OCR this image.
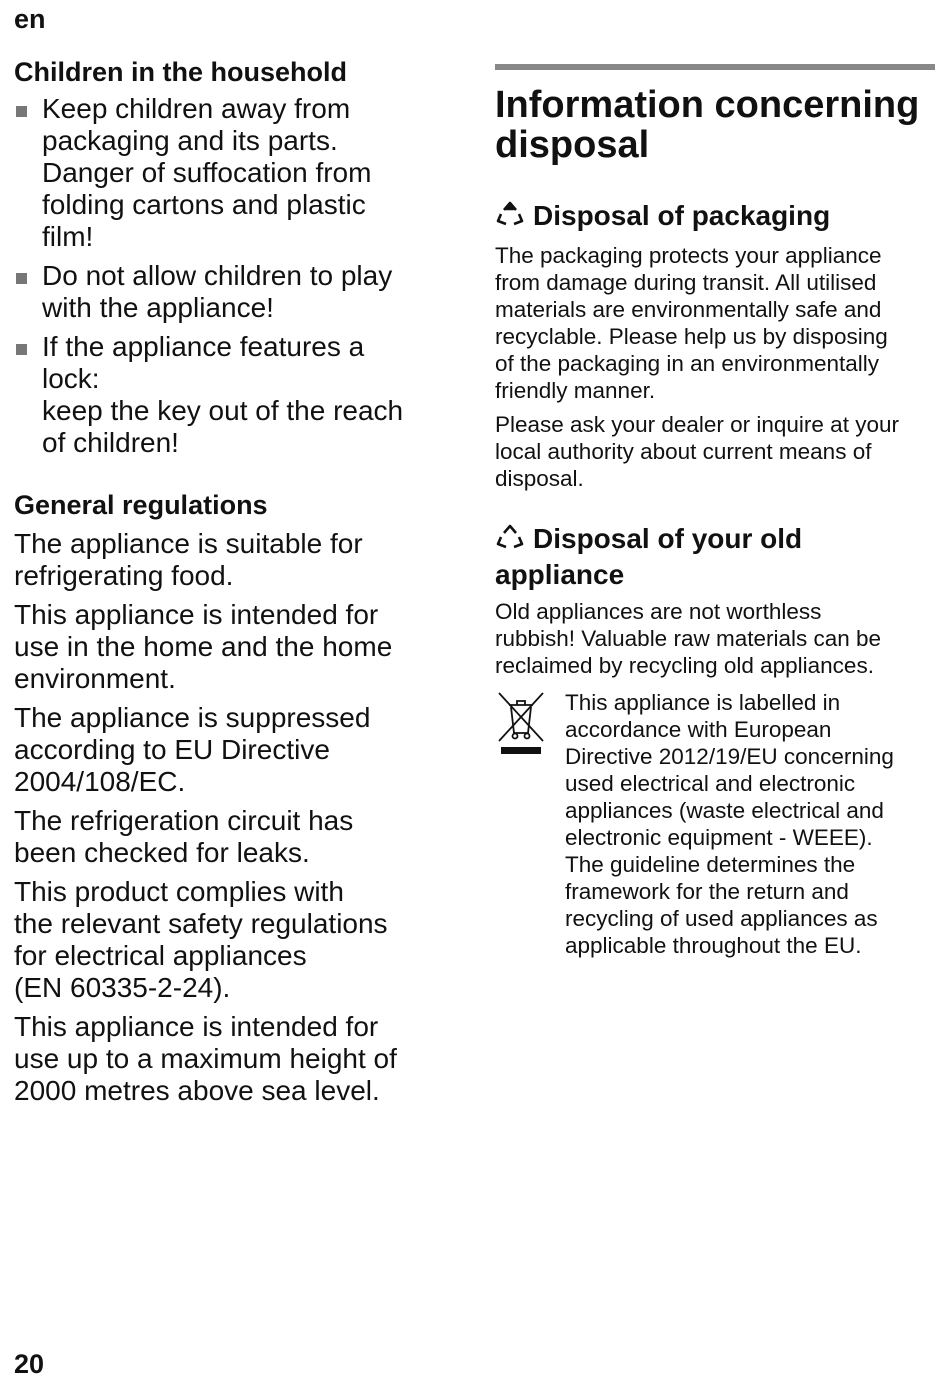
en
Children in the household
Keep children away from
packaging and its parts.
Danger of suffocation from
folding cartons and plastic
film!
Do not allow children to play
with the appliance!
If the appliance features a
lock:
keep the key out of the reach
of children!
General regulations

The appliance is suitable for
refrigerating food.

This appliance is intended for
use in the home and the home
environment.

The appliance is suppressed
according to EU Directive
2004/108/EC.

The refrigeration circuit has
been checked for leaks.

This product complies with
the relevant safety regulations
for electrical appliances
(EN 60335-2-24).

This appliance is intended for
use up to a maximum height of
2000 metres above sea level.

Information concerning
disposal
Disposal of packaging

The packaging protects your appliance
from damage during transit. All utilised
materials are environmentally safe and
recyclable. Please help us by disposing
of the packaging in an environmentally
friendly manner.

Please ask your dealer or inquire at your
local authority about current means of
disposal.

Disposal of your old
appliance

Old appliances are not worthless
rubbish! Valuable raw materials can be
reclaimed by recycling old appliances.

This appliance is labelled in
accordance with European
Directive 2012/19/EU concerning
used electrical and electronic
appliances (waste electrical and
electronic equipment - WEEE).
The guideline determines the
framework for the return and
recycling of used appliances as
applicable throughout the EU.
20
